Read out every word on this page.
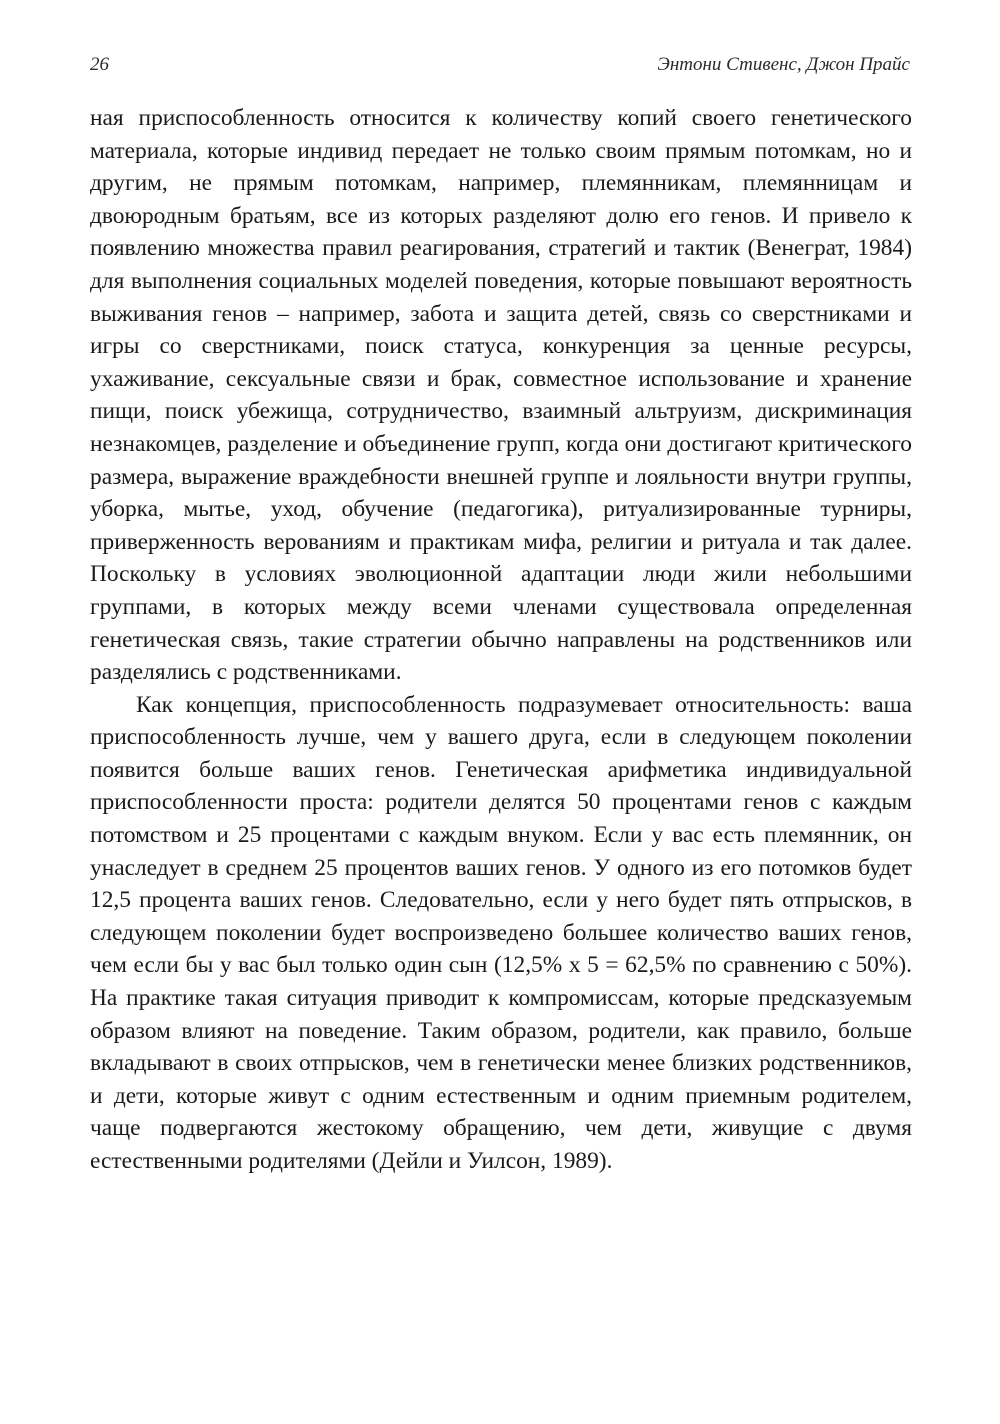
26	Энтони Стивенс, Джон Прайс

ная приспособленность относится к количеству копий своего генетического материала, которые индивид передает не только своим прямым потомкам, но и другим, не прямым потомкам, например, племянникам, племянницам и двоюродным братьям, все из которых разделяют долю его генов. И привело к появлению множества правил реагирования, стратегий и тактик (Венеграт, 1984) для выполнения социальных моделей поведения, которые повышают вероятность выживания генов – например, забота и защита детей, связь со сверстниками и игры со сверстниками, поиск статуса, конкуренция за ценные ресурсы, ухаживание, сексуальные связи и брак, совместное использование и хранение пищи, поиск убежища, сотрудничество, взаимный альтруизм, дискриминация незнакомцев, разделение и объединение групп, когда они достигают критического размера, выражение враждебности внешней группе и лояльности внутри группы, уборка, мытье, уход, обучение (педагогика), ритуализированные турниры, приверженность верованиям и практикам мифа, религии и ритуала и так далее. Поскольку в условиях эволюционной адаптации люди жили небольшими группами, в которых между всеми членами существовала определенная генетическая связь, такие стратегии обычно направлены на родственников или разделялись с родственниками.

Как концепция, приспособленность подразумевает относительность: ваша приспособленность лучше, чем у вашего друга, если в следующем поколении появится больше ваших генов. Генетическая арифметика индивидуальной приспособленности проста: родители делятся 50 процентами генов с каждым потомством и 25 процентами с каждым внуком. Если у вас есть племянник, он унаследует в среднем 25 процентов ваших генов. У одного из его потомков будет 12,5 процента ваших генов. Следовательно, если у него будет пять отпрысков, в следующем поколении будет воспроизведено большее количество ваших генов, чем если бы у вас был только один сын (12,5% x 5 = 62,5% по сравнению с 50%). На практике такая ситуация приводит к компромиссам, которые предсказуемым образом влияют на поведение. Таким образом, родители, как правило, больше вкладывают в своих отпрысков, чем в генетически менее близких родственников, и дети, которые живут с одним естественным и одним приемным родителем, чаще подвергаются жестокому обращению, чем дети, живущие с двумя естественными родителями (Дейли и Уилсон, 1989).
